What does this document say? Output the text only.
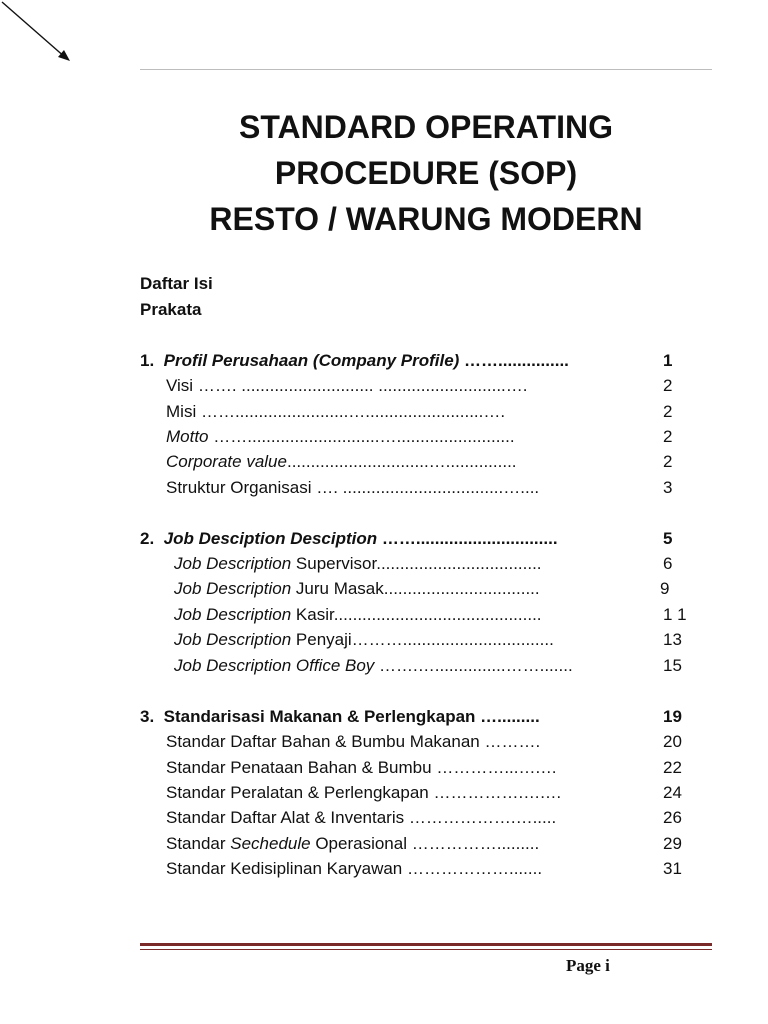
STANDARD OPERATING
PROCEDURE (SOP)
RESTO / WARUNG MODERN
Daftar Isi
Prakata
1. Profil Perusahaan (Company Profile) ……...............	1
Visi ……. ............................ ...........................….	2
Misi ……........................….........................….	2
Motto ……............................….........................	2
Corporate value..............................…...............	2
Struktur Organisasi …. ..................................…....	3
2. Job Desciption Desciption ……..............................	5
Job Description Supervisor...................................	6
Job Description Juru Masak.................................	9
Job Description Kasir............................................	1 1
Job Description Penyaji………................................	13
Job Description Office Boy …….…...............…….......	15
3. Standarisasi Makanan & Perlengkapan ….........	19
Standar Daftar Bahan & Bumbu Makanan ……….	20
Standar Penataan Bahan & Bumbu …………...….…	22
Standar Peralatan & Perlengkapan …………….….…	24
Standar Daftar Alat & Inventaris ……………….….....	26
Standar Sechedule Operasional …………….........	29
Standar Kedisiplinan Karyawan ……………….......	31
Page i
